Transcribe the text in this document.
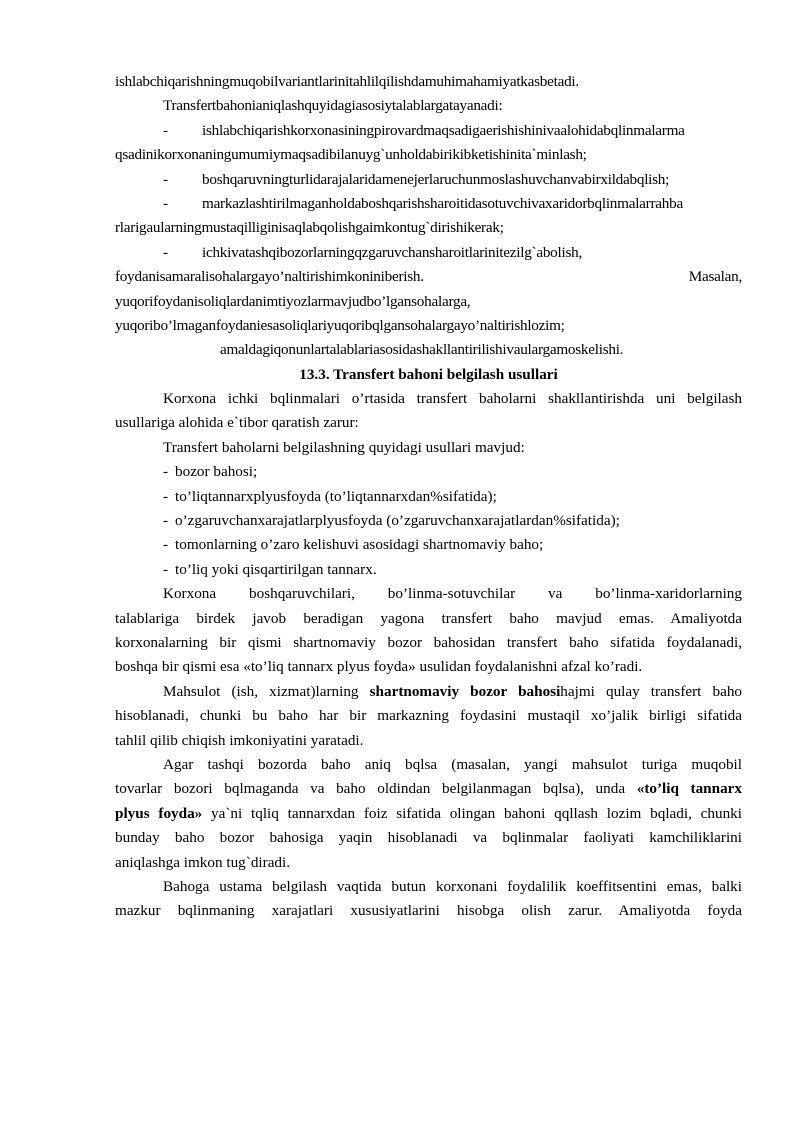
ishlabchiqarishningmuqobilvariantlarinitahlilqilishdamuhimahamiyatkasbetadi.
Transfertbahonianiqlashquyidagiasosiytalablargatayanadi:
- ishlabchiqarishkorxonasiningpirovardmaqsadigaerishishinivaalohidabqlinmalarma
qsadinikorxonaningumumiymaqsadibilanuyg`unholdabirikibketishinita`minlash;
- boshqaruvningturlidarajalaridamenejerlaruchunmoslashuvchanvabirxildabqlish;
- markazlashtirilmaganholdaboshqarishsharoitidasotuvchivaxaridorbqlinmalarrahba
rlarigaularningmustaqilliginisaqlabqolishgaimkontug`dirishikerak;
- ichkivatashqibozorlarningqzgaruvchansharoitlarinitezilg`abolish,
foydanisamaralisohalargayo’naltirishimkoniniberish.	Masalan,
yuqorifoydanisoliqlardanimtiyozlarmavjudbo’lgansohalarga,
yuqoribo’lmaganfoydaniesasoliqlariyuqoribqlgansohalargayo’naltirishlozim;
amaldagiqonunlartalablariasosidashakllantirilishivaulargamoskelishi.
13.3. Transfert bahoni belgilash usullari
Korxona ichki bqlinmalari o’rtasida transfert baholarni shakllantirishda uni belgilash
usullariga alohida e`tibor qaratish zarur:
Transfert baholarni belgilashning quyidagi usullari mavjud:
- bozor bahosi;
- to’liqtannarxplyusfoyda (to’liqtannarxdan%sifatida);
- o’zgaruvchanxarajatlarplyusfoyda (o’zgaruvchanxarajatlardan%sifatida);
- tomonlarning o’zaro kelishuvi asosidagi shartnomaviy baho;
- to’liq yoki qisqartirilgan tannarx.
Korxona boshqaruvchilari, bo’linma-sotuvchilar va bo’linma-xaridorlarning
talablariga birdek javob beradigan yagona transfert baho mavjud emas. Amaliyotda
korxonalarning bir qismi shartnomaviy bozor bahosidan transfert baho sifatida foydalanadi,
boshqa bir qismi esa «to’liq tannarx plyus foyda» usulidan foydalanishni afzal ko’radi.
Mahsulot (ish, xizmat)larning shartnomaviy bozor bahosihajmi qulay transfert baho
hisoblanadi, chunki bu baho har bir markazning foydasini mustaqil xo’jalik birligi sifatida
tahlil qilib chiqish imkoniyatini yaratadi.
Agar tashqi bozorda baho aniq bqlsa (masalan, yangi mahsulot turiga muqobil
tovarlar bozori bqlmaganda va baho oldindan belgilanmagan bqlsa), unda «to’liq tannarx
plyus foyda» ya`ni tqliq tannarxdan foiz sifatida olingan bahoni qqllash lozim bqladi, chunki
bunday baho bozor bahosiga yaqin hisoblanadi va bqlinmalar faoliyati kamchiliklarini
aniqlashga imkon tug`diradi.
Bahoga ustama belgilash vaqtida butun korxonani foydalilik koeffitsentini emas, balki
mazkur bqlinmaning xarajatlari xususiyatlarini hisobga olish zarur. Amaliyotda foyda
